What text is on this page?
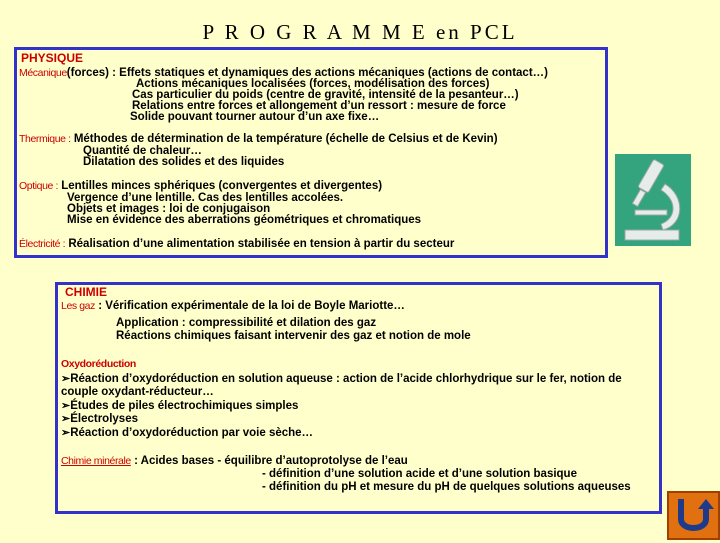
P R O G R A M M E en PCL
PHYSIQUE
Mécanique(forces) : Effets statiques et dynamiques des actions mécaniques (actions de contact…)
Actions mécaniques localisées (forces, modélisation des forces)
Cas particulier du poids (centre de gravité, intensité de la pesanteur…)
Relations entre forces et allongement d’un ressort : mesure de force
Solide pouvant tourner autour d’un axe fixe…
Thermique : Méthodes de détermination de la température (échelle de Celsius et de Kevin)
Quantité de chaleur…
Dilatation des solides et des liquides
Optique : Lentilles minces sphériques (convergentes et divergentes)
Vergence d’une lentille. Cas des lentilles accolées.
Objets et images : loi de conjugaison
Mise en évidence des aberrations géométriques et chromatiques
Électricité : Réalisation d’une alimentation stabilisée en tension à partir du secteur
CHIMIE
Les gaz : Vérification expérimentale de la loi de Boyle Mariotte…
Application : compressibilité et dilation des gaz
Réactions chimiques faisant intervenir des gaz et notion de mole
Oxydoréduction
➢Réaction d’oxydoréduction en solution aqueuse : action de l’acide chlorhydrique sur le fer, notion de
couple oxydant-réducteur…
➢Études de piles électrochimiques simples
➢Électrolyses
➢Réaction d’oxydoréduction par voie sèche…
Chimie minérale : Acides bases - équilibre d’autoprotolyse de l’eau
- définition d’une solution acide et d’une solution basique
- définition du pH et mesure du pH de quelques solutions aqueuses
